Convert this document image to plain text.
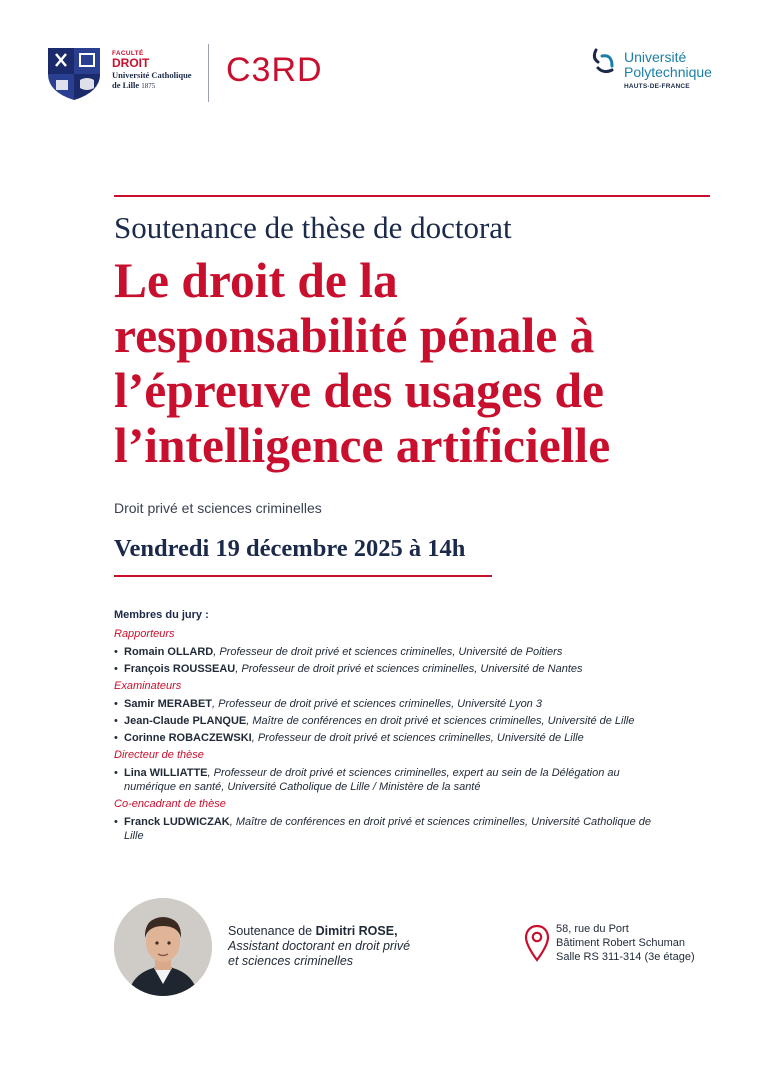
FACULTÉ
DROIT
Université Catholique
de Lille 1875	C3RD	Université
Polytechnique
HAUTS-DE-FRANCE
Soutenance de thèse de doctorat
Le droit de la
responsabilité pénale à
l’épreuve des usages de
l’intelligence artificielle
Droit privé et sciences criminelles
Vendredi 19 décembre 2025 à 14h
Membres du jury :
Rapporteurs
• Romain OLLARD, Professeur de droit privé et sciences criminelles, Université de Poitiers
• François ROUSSEAU, Professeur de droit privé et sciences criminelles, Université de Nantes
Examinateurs
• Samir MERABET, Professeur de droit privé et sciences criminelles, Université Lyon 3
• Jean-Claude PLANQUE, Maître de conférences en droit privé et sciences criminelles, Université de Lille
• Corinne ROBACZEWSKI, Professeur de droit privé et sciences criminelles, Université de Lille
Directeur de thèse
• Lina WILLIATTE, Professeur de droit privé et sciences criminelles, expert au sein de la Délégation au numérique en santé, Université Catholique de Lille / Ministère de la santé
Co-encadrant de thèse
• Franck LUDWICZAK, Maître de conférences en droit privé et sciences criminelles, Université Catholique de Lille
Soutenance de Dimitri ROSE,
Assistant doctorant en droit privé
et sciences criminelles
58, rue du Port
Bâtiment Robert Schuman
Salle RS 311-314 (3e étage)
